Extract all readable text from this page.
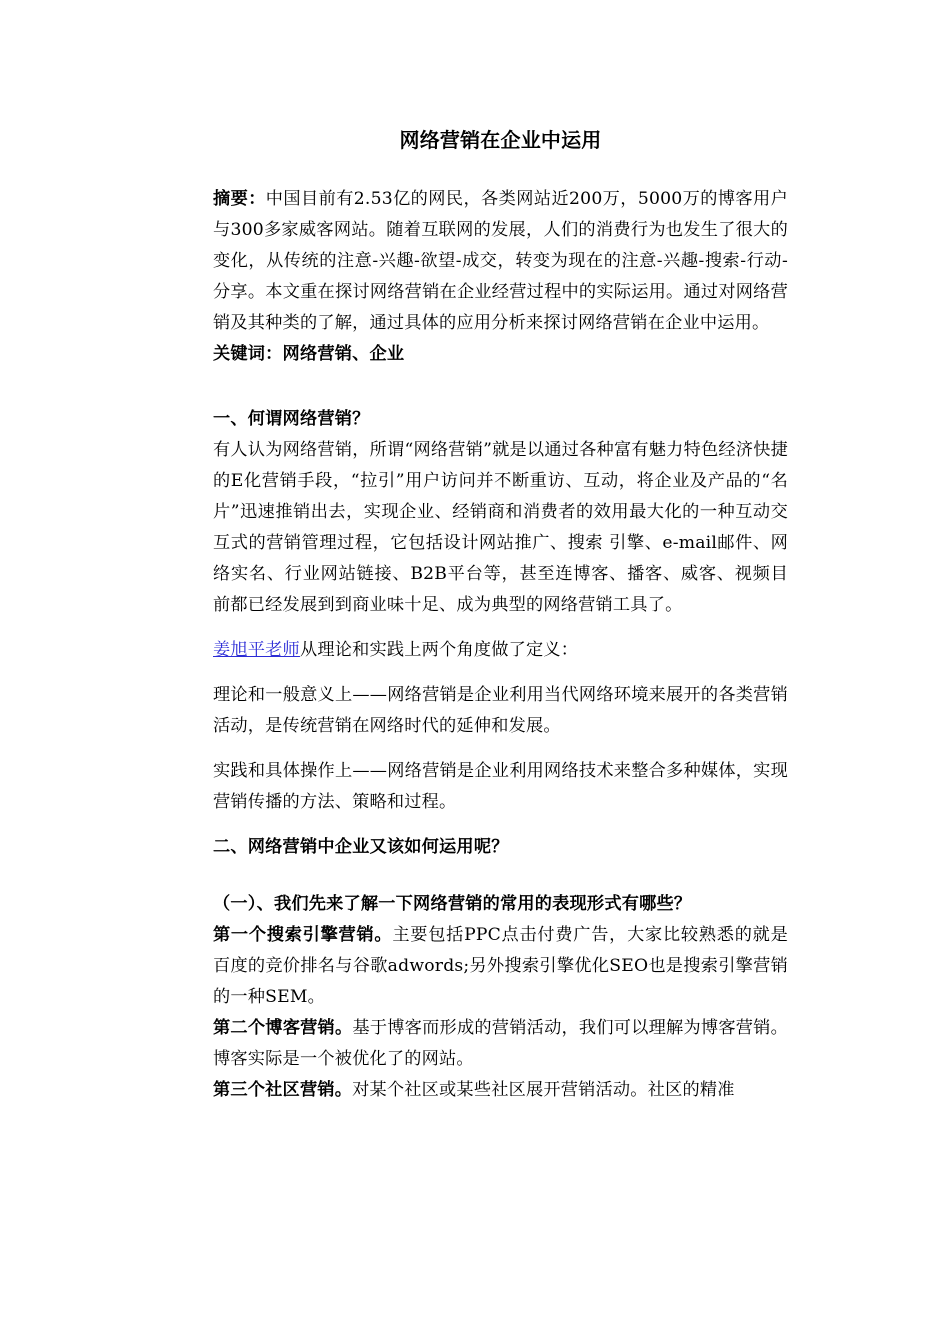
网络营销在企业中运用

摘要：中国目前有2.53亿的网民，各类网站近200万，5000万的博客用户与300多家威客网站。随着互联网的发展，人们的消费行为也发生了很大的变化，从传统的注意-兴趣-欲望-成交，转变为现在的注意-兴趣-搜索-行动-分享。本文重在探讨网络营销在企业经营过程中的实际运用。通过对网络营销及其种类的了解，通过具体的应用分析来探讨网络营销在企业中运用。

关键词：网络营销、企业

一、何谓网络营销？

有人认为网络营销，所谓“网络营销”就是以通过各种富有魅力特色经济快捷的E化营销手段，“拉引”用户访问并不断重访、互动，将企业及产品的“名片”迅速推销出去，实现企业、经销商和消费者的效用最大化的一种互动交互式的营销管理过程，它包括设计网站推广、搜索 引擎、e-mail邮件、网络实名、行业网站链接、B2B平台等，甚至连博客、播客、威客、视频目前都已经发展到到商业味十足、成为典型的网络营销工具了。

姜旭平老师从理论和实践上两个角度做了定义：

理论和一般意义上——网络营销是企业利用当代网络环境来展开的各类营销活动，是传统营销在网络时代的延伸和发展。

实践和具体操作上——网络营销是企业利用网络技术来整合多种媒体，实现营销传播的方法、策略和过程。

二、网络营销中企业又该如何运用呢？

（一）、我们先来了解一下网络营销的常用的表现形式有哪些？

第一个搜索引擎营销。主要包括PPC点击付费广告，大家比较熟悉的就是百度的竞价排名与谷歌adwords;另外搜索引擎优化SEO也是搜索引擎营销的一种SEM。

第二个博客营销。基于博客而形成的营销活动，我们可以理解为博客营销。博客实际是一个被优化了的网站。

第三个社区营销。对某个社区或某些社区展开营销活动。社区的精准
